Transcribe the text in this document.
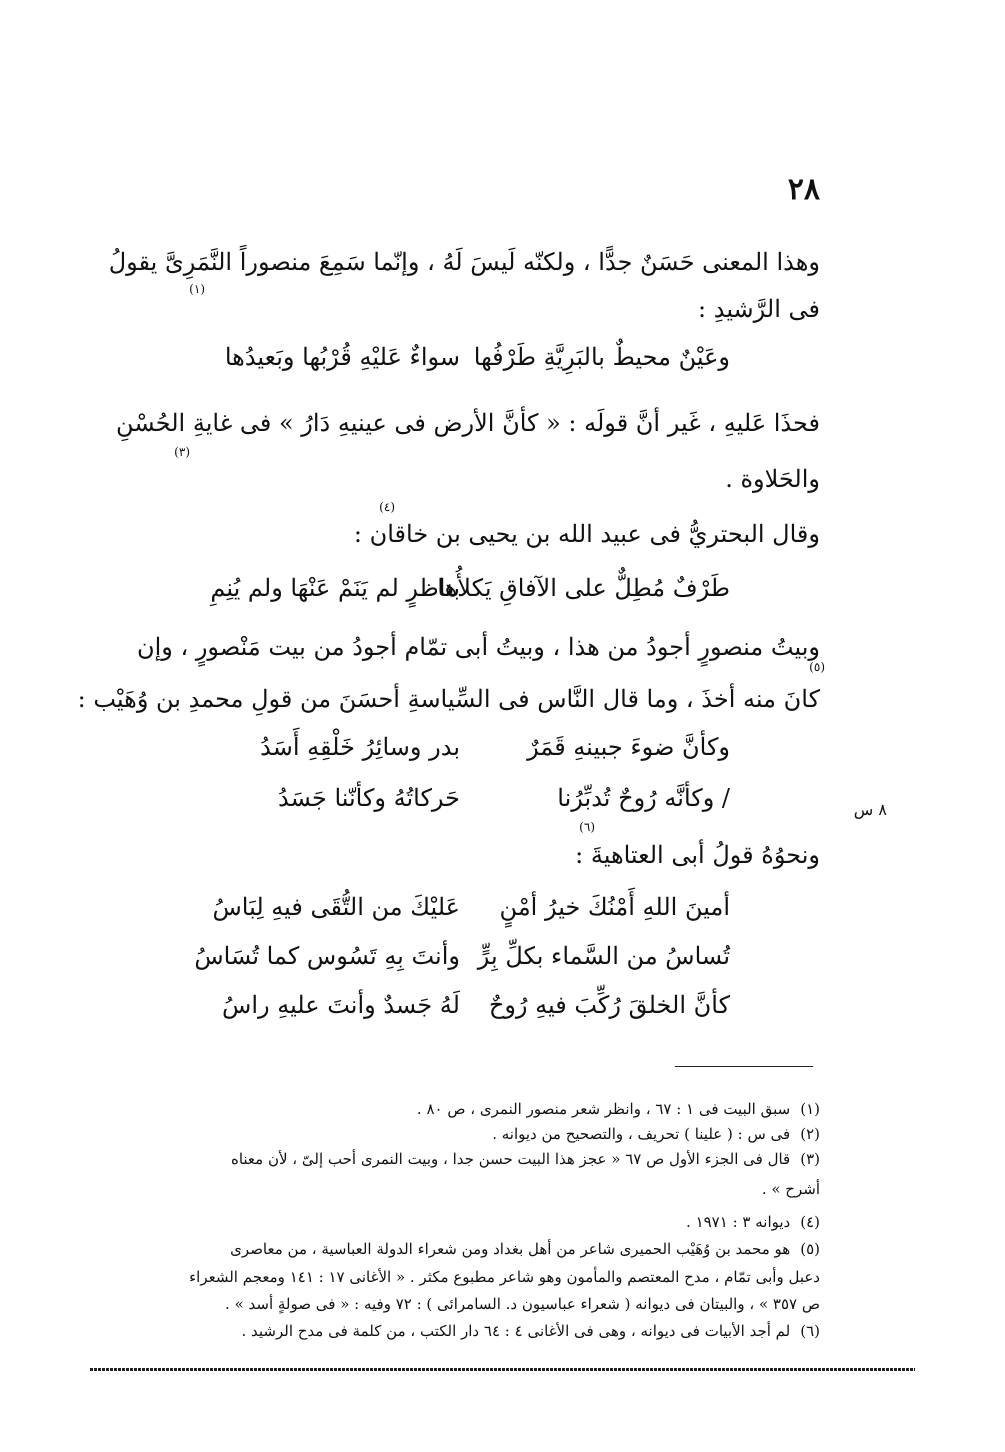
٢٨
وهذا المعنى حَسَنٌ جدًّا ، ولكنّه لَيسَ لَهُ ، وإنّما سَمِعَ منصوراً النَّمَرِىَّ يقولُ
فى الرَّشيدِ :
(١)
وعَيْنٌ محيطٌ بالبَرِيَّةِ طَرْفُها
سواءٌ عَليْهِ قُرْبُها وبَعيدُها
فحذَا عَليهِ ، غَير أنَّ قولَه : « كأنَّ الأرض فى عينيهِ دَارُ » فى غايةِ الحُسْنِ
(٣)
والحَلاوة .
(٤)
وقال البحتريُّ فى عبيد الله بن يحيى بن خاقان :
طَرْفٌ مُطِلٌّ على الآفاقِ يَكلأُها
بناظرٍ لم يَنَمْ عَنْهَا ولم يُنِمِ
وبيتُ منصورٍ أجودُ من هذا ، وبيتُ أبى تمّام أجودُ من بيت مَنْصورٍ ، وإن
(٥)
كانَ منه أخذَ ، وما قال النَّاس فى السِّياسةِ أحسَنَ من قولِ محمدِ بن وُهَيْب :
وكأنَّ ضوءَ جبينهِ قَمَرٌ
بدر وسائِرُ خَلْقِهِ أَسَدُ
/ وكأنَّه رُوحٌ تُدبِّرُنا
حَركاتُهُ وكأنّنا جَسَدُ	٨ س
(٦)
ونحوُهُ قولُ أبى العتاهيةَ :
أمينَ اللهِ أَمْنُكَ خيرُ أمْنٍ
عَليْكَ من التُّقَى فيهِ لِبَاسُ
تُساسُ من السَّماء بكلِّ بِرٍّ
وأنتَ بِهِ تَسُوس كما تُسَاسُ
كأنَّ الخلقَ رُكِّبَ فيهِ رُوحٌ
لَهُ جَسدٌ وأنتَ عليهِ راسُ
(١)سبق البيت فى ١ : ٦٧ ، وانظر شعر منصور النمرى ، ص ٨٠ .
(٢)فى س : ( علينا ) تحريف ، والتصحيح من ديوانه .
(٣)قال فى الجزء الأول ص ٦٧ « عجز هذا البيت حسن جدا ، وبيت النمرى أحب إلىّ ، لأن معناه
أشرح » .
(٤)ديوانه ٣ : ١٩٧١ .
(٥)هو محمد بن وُهَيْب الحميرى شاعر من أهل بغداد ومن شعراء الدولة العباسية ، من معاصرى
دعبل وأبى تمّام ، مدح المعتصم والمأمون وهو شاعر مطبوع مكثر . « الأغانى ١٧ : ١٤١ ومعجم الشعراء
ص ٣٥٧ » ، والبيتان فى ديوانه ( شعراء عباسيون د. السامرائى ) : ٧٢ وفيه : « فى صولةٍ أسد » .
(٦)لم أجد الأبيات فى ديوانه ، وهى فى الأغانى ٤ : ٦٤ دار الكتب ، من كلمة فى مدح الرشيد .
